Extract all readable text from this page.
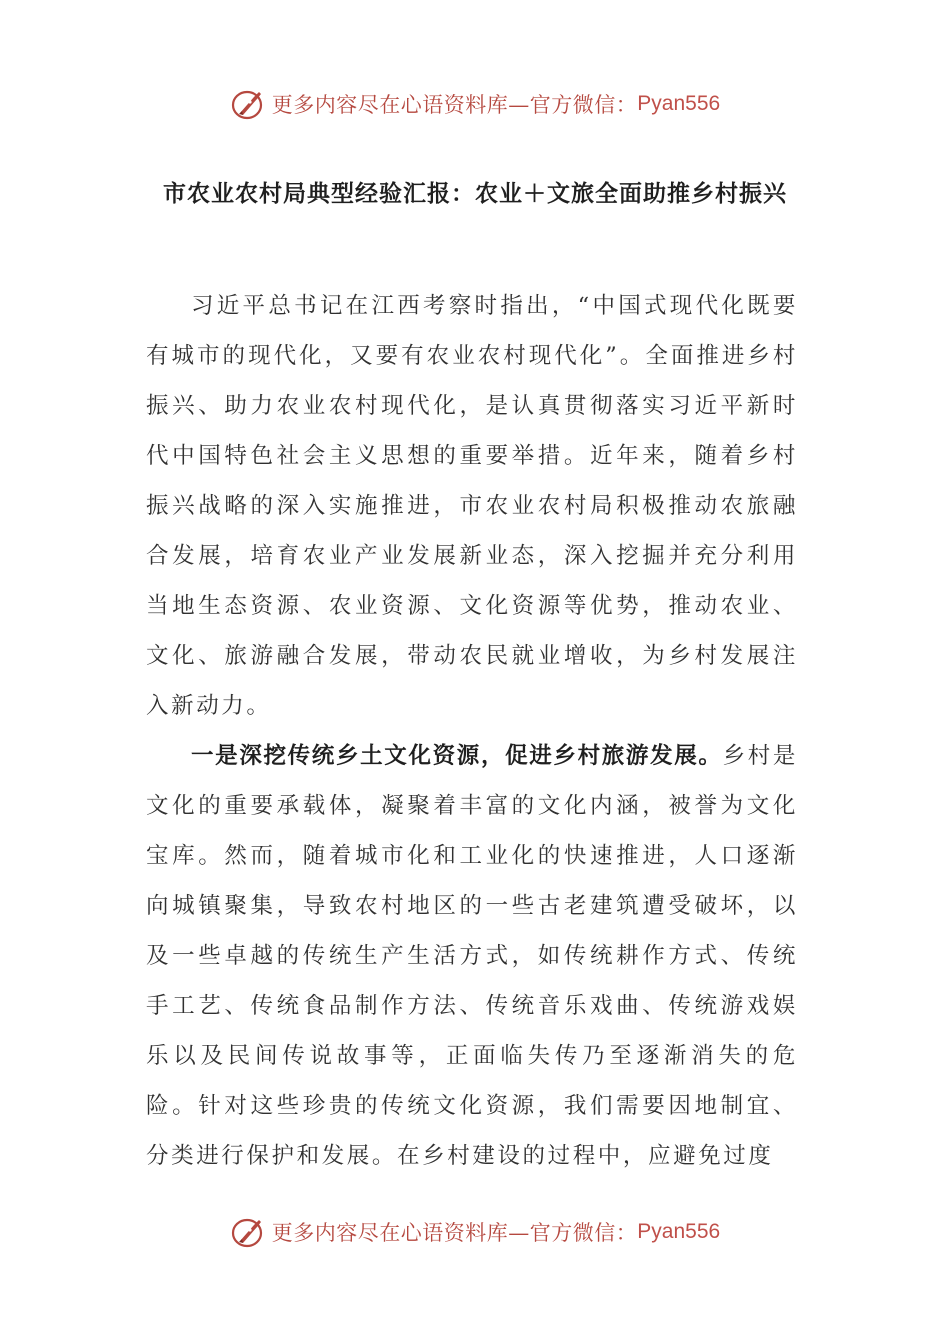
更多内容尽在心语资料库—官方微信： Pyan556
市农业农村局典型经验汇报：农业＋文旅全面助推乡村振兴

习近平总书记在江西考察时指出，“中国式现代化既要有城市的现代化，又要有农业农村现代化”。全面推进乡村振兴、助力农业农村现代化，是认真贯彻落实习近平新时代中国特色社会主义思想的重要举措。近年来，随着乡村振兴战略的深入实施推进，市农业农村局积极推动农旅融合发展，培育农业产业发展新业态，深入挖掘并充分利用当地生态资源、农业资源、文化资源等优势，推动农业、文化、旅游融合发展，带动农民就业增收，为乡村发展注入新动力。

一是深挖传统乡土文化资源，促进乡村旅游发展。乡村是文化的重要承载体，凝聚着丰富的文化内涵，被誉为文化宝库。然而，随着城市化和工业化的快速推进，人口逐渐向城镇聚集，导致农村地区的一些古老建筑遭受破坏，以及一些卓越的传统生产生活方式，如传统耕作方式、传统手工艺、传统食品制作方法、传统音乐戏曲、传统游戏娱乐以及民间传说故事等，正面临失传乃至逐渐消失的危险。针对这些珍贵的传统文化资源，我们需要因地制宜、分类进行保护和发展。在乡村建设的过程中，应避免过度

更多内容尽在心语资料库—官方微信： Pyan556
